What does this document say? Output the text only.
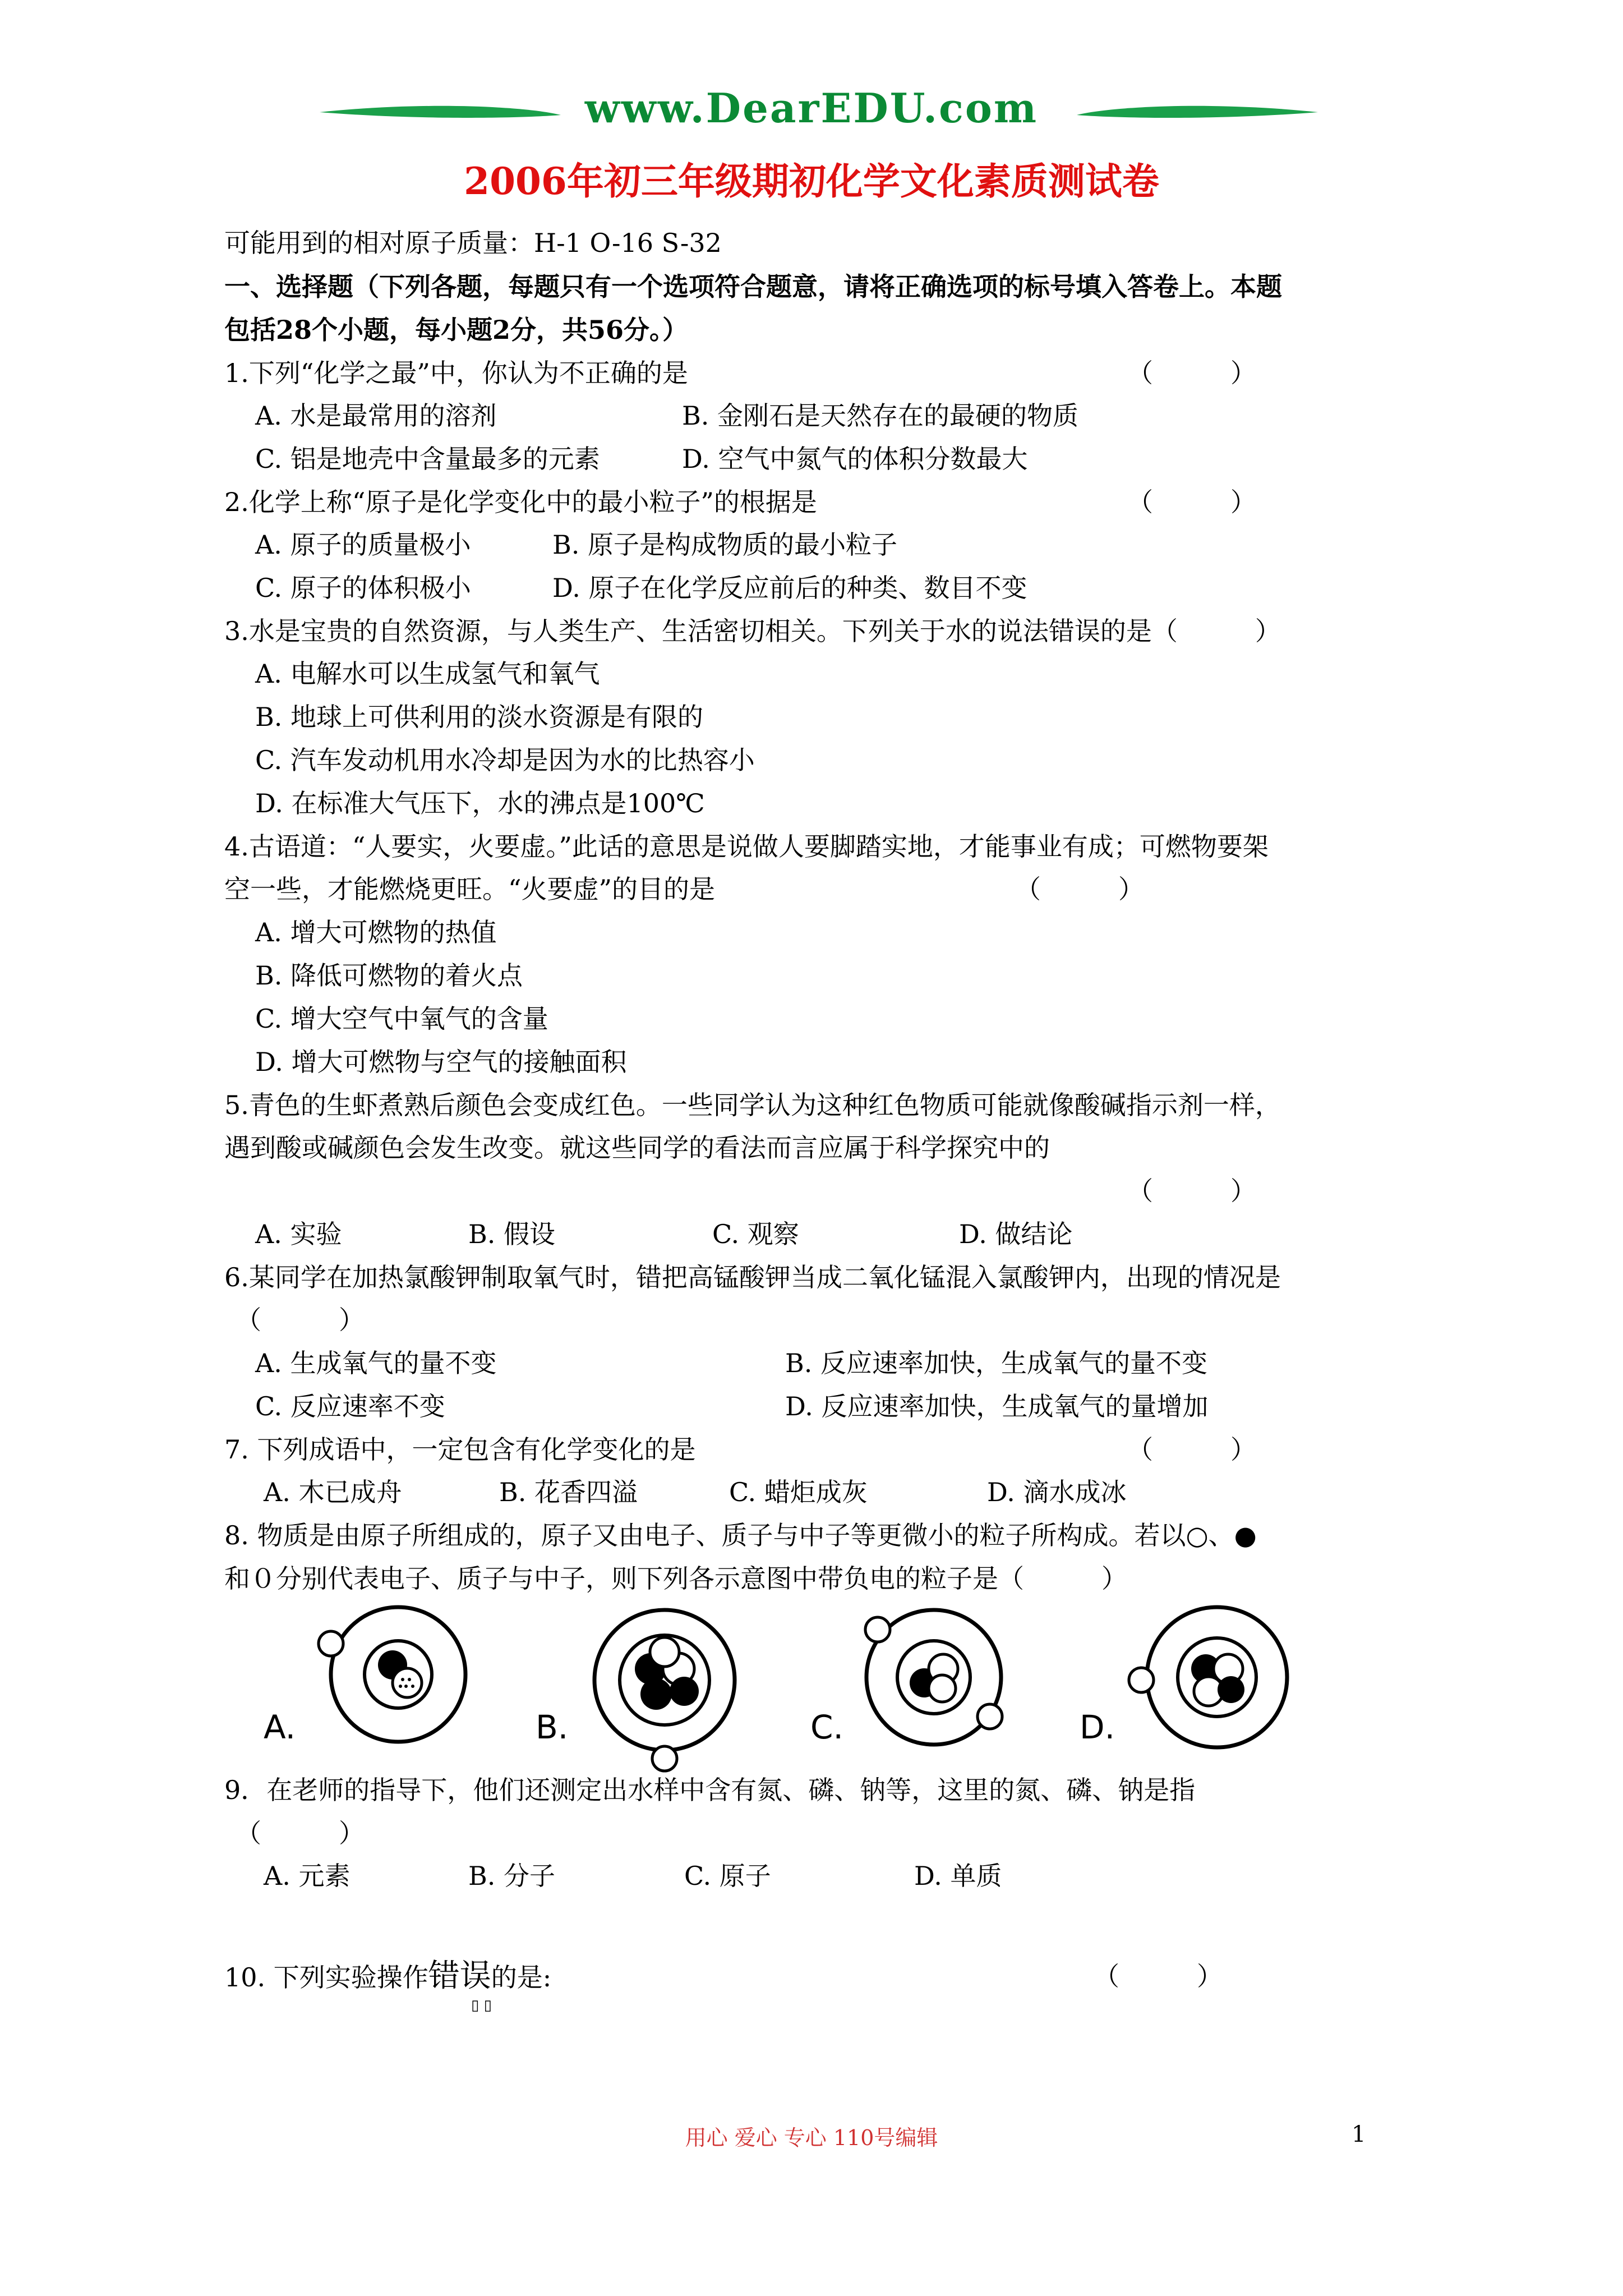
www.DearEDU.com
2006年初三年级期初化学文化素质测试卷
可能用到的相对原子质量：H-1 O-16 S-32
一、选择题（下列各题，每题只有一个选项符合题意，请将正确选项的标号填入答卷上。本题
包括28个小题，每小题2分，共56分。）
1.下列“化学之最”中，你认为不正确的是	（　　　）
A. 水是最常用的溶剂	B. 金刚石是天然存在的最硬的物质
C. 铝是地壳中含量最多的元素	D. 空气中氮气的体积分数最大
2.化学上称“原子是化学变化中的最小粒子”的根据是	（　　　）
A. 原子的质量极小	B. 原子是构成物质的最小粒子
C. 原子的体积极小	D. 原子在化学反应前后的种类、数目不变
3.水是宝贵的自然资源，与人类生产、生活密切相关。下列关于水的说法错误的是（　　　）
A. 电解水可以生成氢气和氧气
B. 地球上可供利用的淡水资源是有限的
C. 汽车发动机用水冷却是因为水的比热容小
D. 在标准大气压下，水的沸点是100℃
4.古语道：“人要实，火要虚。”此话的意思是说做人要脚踏实地，才能事业有成；可燃物要架
空一些，才能燃烧更旺。“火要虚”的目的是	（　　　）
A. 增大可燃物的热值
B. 降低可燃物的着火点
C. 增大空气中氧气的含量
D. 增大可燃物与空气的接触面积
5.青色的生虾煮熟后颜色会变成红色。一些同学认为这种红色物质可能就像酸碱指示剂一样，
遇到酸或碱颜色会发生改变。就这些同学的看法而言应属于科学探究中的
（　　　）
A. 实验	B. 假设	C. 观察	D. 做结论
6.某同学在加热氯酸钾制取氧气时，错把高锰酸钾当成二氧化锰混入氯酸钾内，出现的情况是
（　　　）
A. 生成氧气的量不变	B. 反应速率加快，生成氧气的量不变
C. 反应速率不变	D. 反应速率加快，生成氧气的量增加
7. 下列成语中，一定包含有化学变化的是	（　　　）
A. 木已成舟	B. 花香四溢	C. 蜡炬成灰	D. 滴水成冰
8. 物质是由原子所组成的，原子又由电子、质子与中子等更微小的粒子所构成。若以○、●
和０分别代表电子、质子与中子，则下列各示意图中带负电的粒子是（　　　）
A.	B.	C.	D.
9．在老师的指导下，他们还测定出水样中含有氮、磷、钠等，这里的氮、磷、钠是指
（　　　）
A. 元素	B. 分子	C. 原子	D. 单质
10. 下列实验操作错误的是:
▯ ▯
（　　　）
用心 爱心 专心 110号编辑	1
